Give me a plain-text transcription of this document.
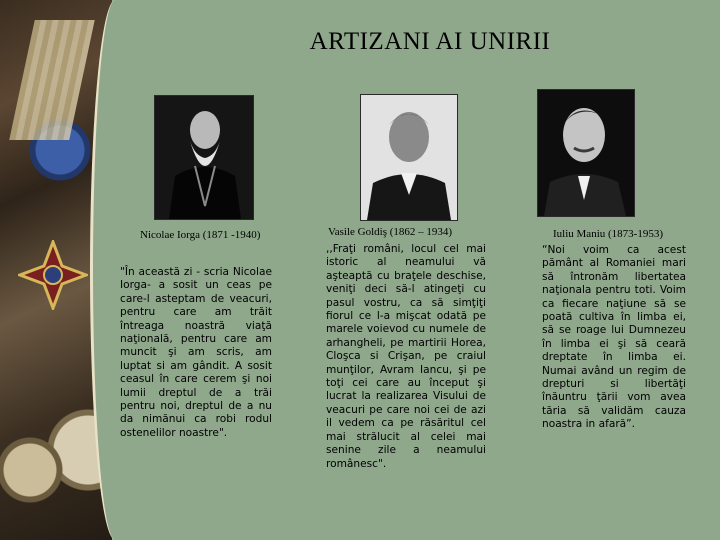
ARTIZANI AI UNIRII

Nicolae Iorga (1871 -1940)	Vasile Goldiş (1862 – 1934)	Iuliu Maniu (1873-1953)

"În această zi - scria Nicolae Iorga- a sosit un ceas pe care-l asteptam de veacuri, pentru care am trăit întreaga noastră viaţă naţională, pentru care am muncit şi am scris, am luptat si am gândit. A sosit ceasul în care cerem şi noi lumii dreptul de a trăi pentru noi, dreptul de a nu da nimănui ca robi rodul ostenelilor noastre".

,,Fraţi români, locul cel mai istoric al neamului vă aşteaptă cu braţele deschise, veniţi deci să-l atingeţi cu pasul vostru, ca să simţiţi fiorul ce l-a mişcat odată pe marele voievod cu numele de arhangheli, pe martirii Horea, Cloşca si Crişan, pe craiul munţilor, Avram Iancu, şi pe toţi cei care au început şi lucrat la realizarea Visului de veacuri pe care noi cei de azi il vedem ca pe răsăritul cel mai strălucit al celei mai senine zile a neamului românesc".

“Noi voim ca acest pământ al Romaniei mari să întronăm libertatea naţionala pentru toti. Voim ca fiecare naţiune să se poată cultiva în limba ei, să se roage lui Dumnezeu în limba ei şi să ceară dreptate în limba ei. Numai având un regim de drepturi si libertăţi înăuntru ţării vom avea tăria să validăm cauza noastra in afară”.
